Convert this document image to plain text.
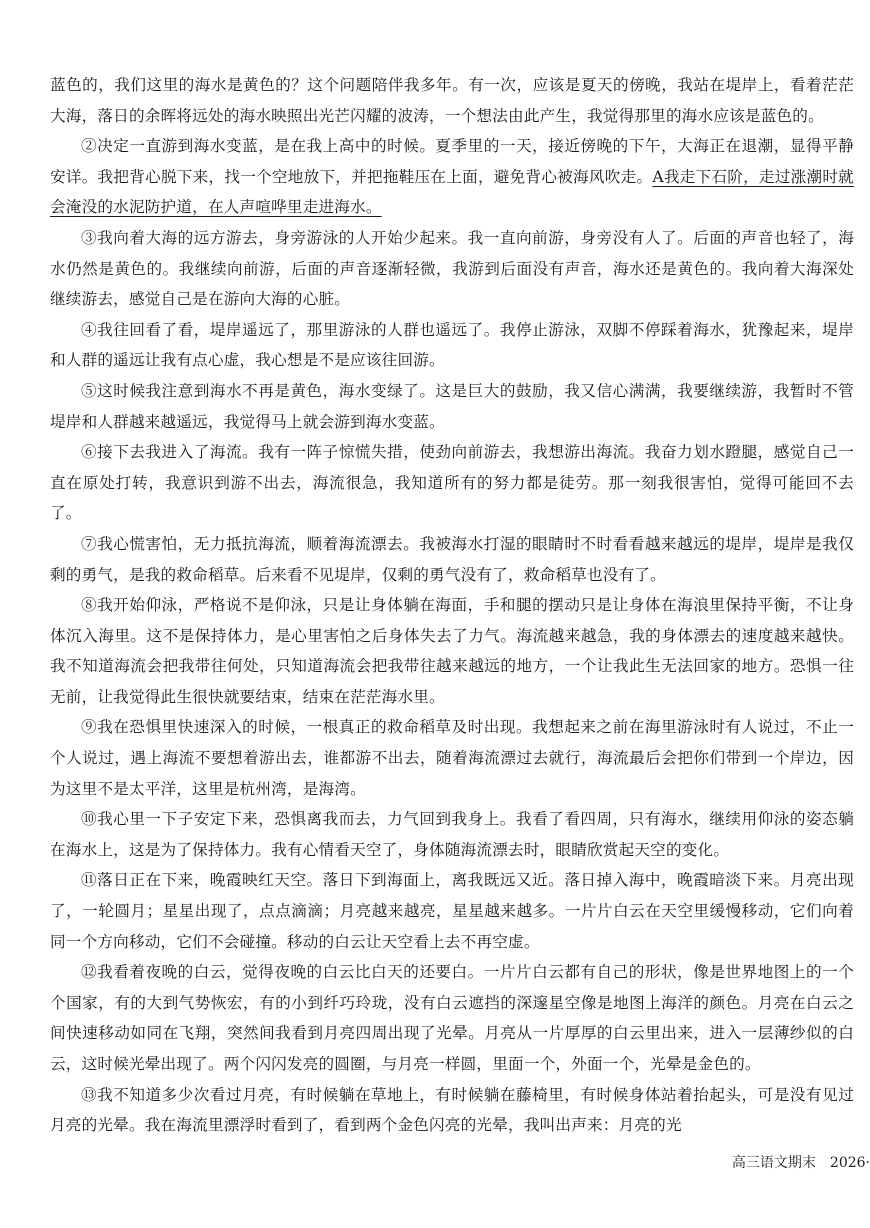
蓝色的，我们这里的海水是黄色的？这个问题陪伴我多年。有一次，应该是夏天的傍晚，我站在堤岸上，看着茫茫大海，落日的余晖将远处的海水映照出光芒闪耀的波涛，一个想法由此产生，我觉得那里的海水应该是蓝色的。

②决定一直游到海水变蓝，是在我上高中的时候。夏季里的一天，接近傍晚的下午，大海正在退潮，显得平静安详。我把背心脱下来，找一个空地放下，并把拖鞋压在上面，避免背心被海风吹走。A我走下石阶，走过涨潮时就会淹没的水泥防护道，在人声喧哗里走进海水。

③我向着大海的远方游去，身旁游泳的人开始少起来。我一直向前游，身旁没有人了。后面的声音也轻了，海水仍然是黄色的。我继续向前游，后面的声音逐渐轻微，我游到后面没有声音，海水还是黄色的。我向着大海深处继续游去，感觉自己是在游向大海的心脏。

④我往回看了看，堤岸遥远了，那里游泳的人群也遥远了。我停止游泳，双脚不停踩着海水，犹豫起来，堤岸和人群的遥远让我有点心虚，我心想是不是应该往回游。

⑤这时候我注意到海水不再是黄色，海水变绿了。这是巨大的鼓励，我又信心满满，我要继续游，我暂时不管堤岸和人群越来越遥远，我觉得马上就会游到海水变蓝。

⑥接下去我进入了海流。我有一阵子惊慌失措，使劲向前游去，我想游出海流。我奋力划水蹬腿，感觉自己一直在原处打转，我意识到游不出去，海流很急，我知道所有的努力都是徒劳。那一刻我很害怕，觉得可能回不去了。

⑦我心慌害怕，无力抵抗海流，顺着海流漂去。我被海水打湿的眼睛时不时看看越来越远的堤岸，堤岸是我仅剩的勇气，是我的救命稻草。后来看不见堤岸，仅剩的勇气没有了，救命稻草也没有了。

⑧我开始仰泳，严格说不是仰泳，只是让身体躺在海面，手和腿的摆动只是让身体在海浪里保持平衡，不让身体沉入海里。这不是保持体力，是心里害怕之后身体失去了力气。海流越来越急，我的身体漂去的速度越来越快。我不知道海流会把我带往何处，只知道海流会把我带往越来越远的地方，一个让我此生无法回家的地方。恐惧一往无前，让我觉得此生很快就要结束，结束在茫茫海水里。

⑨我在恐惧里快速深入的时候，一根真正的救命稻草及时出现。我想起来之前在海里游泳时有人说过，不止一个人说过，遇上海流不要想着游出去，谁都游不出去，随着海流漂过去就行，海流最后会把你们带到一个岸边，因为这里不是太平洋，这里是杭州湾，是海湾。

⑩我心里一下子安定下来，恐惧离我而去，力气回到我身上。我看了看四周，只有海水，继续用仰泳的姿态躺在海水上，这是为了保持体力。我有心情看天空了，身体随海流漂去时，眼睛欣赏起天空的变化。

⑪落日正在下来，晚霞映红天空。落日下到海面上，离我既远又近。落日掉入海中，晚霞暗淡下来。月亮出现了，一轮圆月；星星出现了，点点滴滴；月亮越来越亮，星星越来越多。一片片白云在天空里缓慢移动，它们向着同一个方向移动，它们不会碰撞。移动的白云让天空看上去不再空虚。

⑫我看着夜晚的白云，觉得夜晚的白云比白天的还要白。一片片白云都有自己的形状，像是世界地图上的一个个国家，有的大到气势恢宏，有的小到纤巧玲珑，没有白云遮挡的深邃星空像是地图上海洋的颜色。月亮在白云之间快速移动如同在飞翔，突然间我看到月亮四周出现了光晕。月亮从一片厚厚的白云里出来，进入一层薄纱似的白云，这时候光晕出现了。两个闪闪发亮的圆圈，与月亮一样圆，里面一个，外面一个，光晕是金色的。

⑬我不知道多少次看过月亮，有时候躺在草地上，有时候躺在藤椅里，有时候身体站着抬起头，可是没有见过月亮的光晕。我在海流里漂浮时看到了，看到两个金色闪亮的光晕，我叫出声来：月亮的光

高三语文期末　2026·
